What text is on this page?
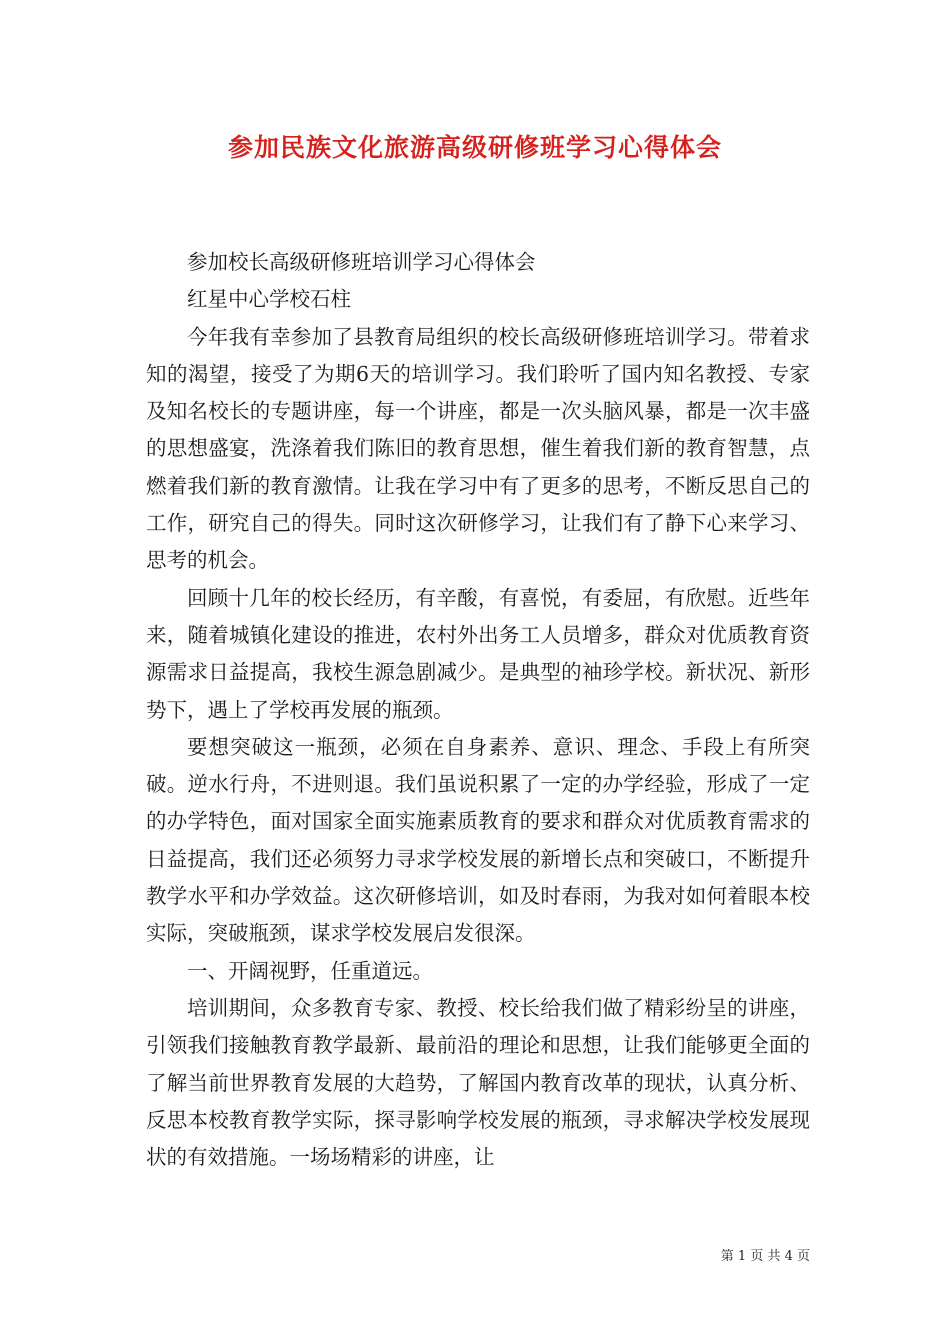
参加民族文化旅游高级研修班学习心得体会

参加校长高级研修班培训学习心得体会

红星中心学校石柱

今年我有幸参加了县教育局组织的校长高级研修班培训学习。带着求知的渴望，接受了为期6天的培训学习。我们聆听了国内知名教授、专家及知名校长的专题讲座，每一个讲座，都是一次头脑风暴，都是一次丰盛的思想盛宴，洗涤着我们陈旧的教育思想，催生着我们新的教育智慧，点燃着我们新的教育激情。让我在学习中有了更多的思考，不断反思自己的工作，研究自己的得失。同时这次研修学习，让我们有了静下心来学习、思考的机会。

回顾十几年的校长经历，有辛酸，有喜悦，有委屈，有欣慰。近些年来，随着城镇化建设的推进，农村外出务工人员增多，群众对优质教育资源需求日益提高，我校生源急剧减少。是典型的袖珍学校。新状况、新形势下，遇上了学校再发展的瓶颈。

要想突破这一瓶颈，必须在自身素养、意识、理念、手段上有所突破。逆水行舟，不进则退。我们虽说积累了一定的办学经验，形成了一定的办学特色，面对国家全面实施素质教育的要求和群众对优质教育需求的日益提高，我们还必须努力寻求学校发展的新增长点和突破口，不断提升教学水平和办学效益。这次研修培训，如及时春雨，为我对如何着眼本校实际，突破瓶颈，谋求学校发展启发很深。

一、开阔视野，任重道远。

培训期间，众多教育专家、教授、校长给我们做了精彩纷呈的讲座，引领我们接触教育教学最新、最前沿的理论和思想，让我们能够更全面的了解当前世界教育发展的大趋势，了解国内教育改革的现状，认真分析、反思本校教育教学实际，探寻影响学校发展的瓶颈，寻求解决学校发展现状的有效措施。一场场精彩的讲座，让

第 1 页 共 4 页
